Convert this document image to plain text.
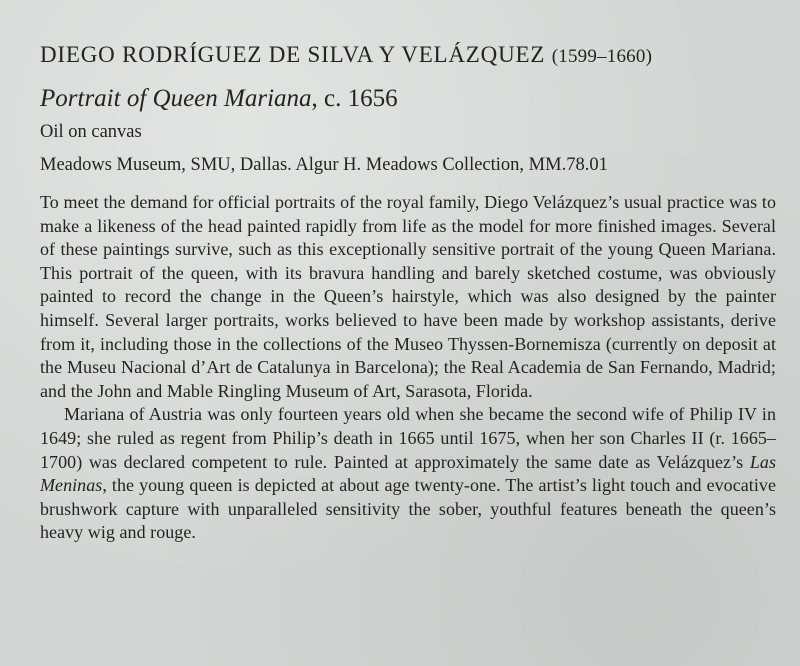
DIEGO RODRÍGUEZ DE SILVA Y VELÁZQUEZ (1599–1660)
Portrait of Queen Mariana, c. 1656
Oil on canvas
Meadows Museum, SMU, Dallas. Algur H. Meadows Collection, MM.78.01

To meet the demand for official portraits of the royal family, Diego Velázquez’s usual practice was to make a likeness of the head painted rapidly from life as the model for more finished images. Several of these paintings survive, such as this exceptionally sensitive portrait of the young Queen Mariana. This portrait of the queen, with its bravura handling and barely sketched costume, was obviously painted to record the change in the Queen’s hairstyle, which was also designed by the painter himself. Several larger portraits, works believed to have been made by workshop assistants, derive from it, including those in the collections of the Museo Thyssen-Bornemisza (currently on deposit at the Museu Nacional d’Art de Catalunya in Barcelona); the Real Academia de San Fernando, Madrid; and the John and Mable Ringling Museum of Art, Sarasota, Florida.

Mariana of Austria was only fourteen years old when she became the second wife of Philip IV in 1649; she ruled as regent from Philip’s death in 1665 until 1675, when her son Charles II (r. 1665–1700) was declared competent to rule. Painted at approximately the same date as Velázquez’s Las Meninas, the young queen is depicted at about age twenty-one. The artist’s light touch and evocative brushwork capture with unparalleled sensitivity the sober, youthful features beneath the queen’s heavy wig and rouge.
